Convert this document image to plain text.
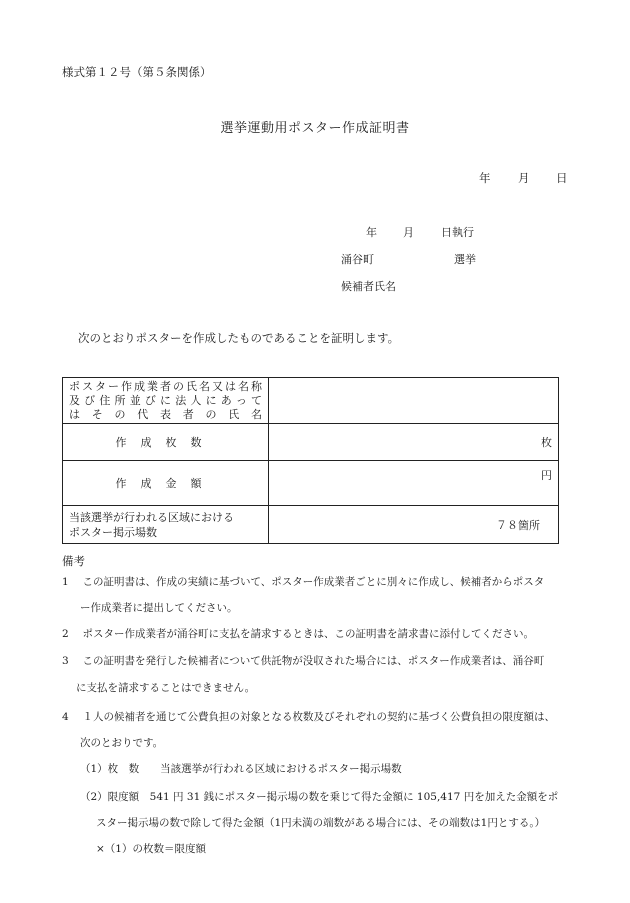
様式第１２号（第５条関係）
選挙運動用ポスター作成証明書
年 月 日
年 月 日執行
涌谷町	選挙
候補者氏名
次のとおりポスターを作成したものであることを証明します。
ポスター作成業者の氏名又は名称
及び住所並びに法人にあって
はその代表者の氏名	

作成枚数	枚

作成金額	円

当該選挙が行われる区域における
ポスター掲示場数	７８箇所
備考
1　 この証明書は、作成の実績に基づいて、ポスター作成業者ごとに別々に作成し、候補者からポスタ
ー作成業者に提出してください。
2　 ポスター作成業者が涌谷町に支払を請求するときは、この証明書を請求書に添付してください。
3　 この証明書を発行した候補者について供託物が没収された場合には、ポスター作成業者は、涌谷町
に支払を請求することはできません。
4　 １人の候補者を通じて公費負担の対象となる枚数及びそれぞれの契約に基づく公費負担の限度額は、
次のとおりです。
（1）枚　数　　当該選挙が行われる区域におけるポスター掲示場数
（2）限度額　541 円 31 銭にポスター掲示場の数を乗じて得た金額に 105,417 円を加えた金額をポ
スター掲示場の数で除して得た金額（1円未満の端数がある場合には、その端数は1円とする。）
×（1）の枚数＝限度額
